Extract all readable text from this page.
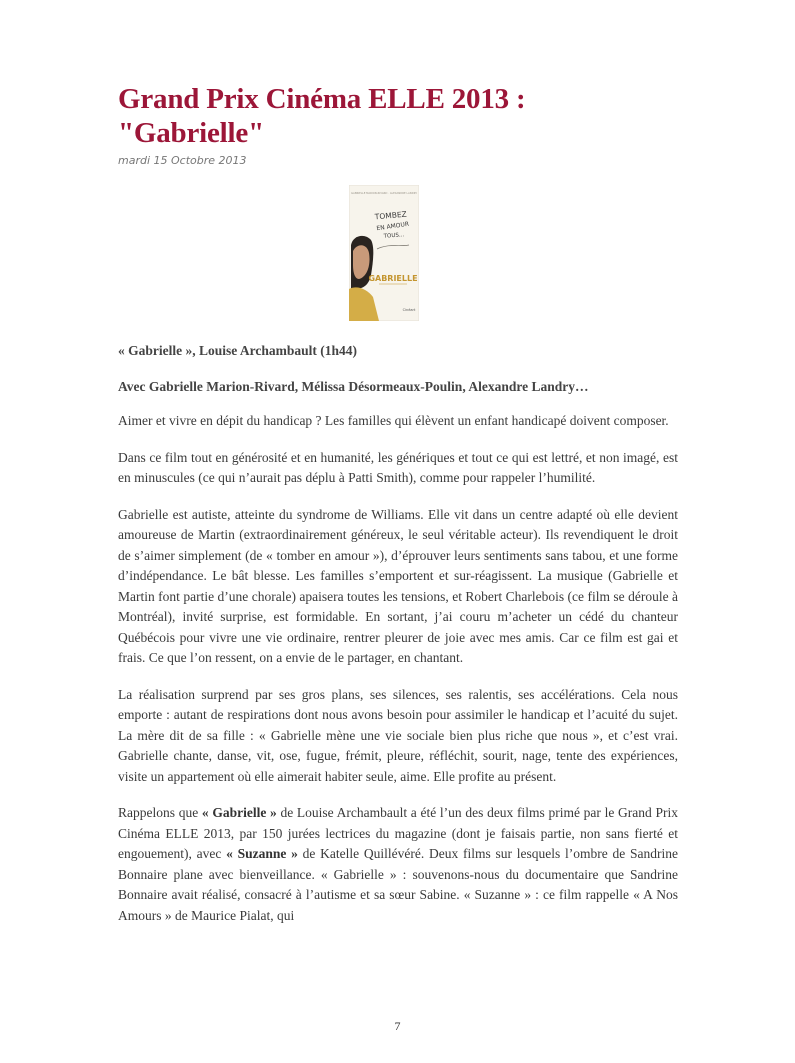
Grand Prix Cinéma ELLE 2013 :
"Gabrielle"
mardi 15 Octobre 2013
GABRIELLE MARION-RIVARD · ALEXANDRE LANDRY
TOMBEZ
EN AMOUR
TOUS...
GABRIELLE
Cinéart
« Gabrielle », Louise Archambault (1h44)
Avec Gabrielle Marion-Rivard, Mélissa Désormeaux-Poulin, Alexandre Landry…

Aimer et vivre en dépit du handicap ? Les familles qui élèvent un enfant handicapé doivent composer.

Dans ce film tout en générosité et en humanité, les génériques et tout ce qui est lettré, et non imagé, est en minuscules (ce qui n’aurait pas déplu à Patti Smith), comme pour rappeler l’humilité.

Gabrielle est autiste, atteinte du syndrome de Williams. Elle vit dans un centre adapté où elle devient amoureuse de Martin (extraordinairement généreux, le seul véritable acteur). Ils revendiquent le droit de s’aimer simplement (de « tomber en amour »), d’éprouver leurs sentiments sans tabou, et une forme d’indépendance. Le bât blesse. Les familles s’emportent et sur-réagissent. La musique (Gabrielle et Martin font partie d’une chorale) apaisera toutes les tensions, et Robert Charlebois (ce film se déroule à Montréal), invité surprise, est formidable. En sortant, j’ai couru m’acheter un cédé du chanteur Québécois pour vivre une vie ordinaire, rentrer pleurer de joie avec mes amis. Car ce film est gai et frais. Ce que l’on ressent, on a envie de le partager, en chantant.

La réalisation surprend par ses gros plans, ses silences, ses ralentis, ses accélérations. Cela nous emporte : autant de respirations dont nous avons besoin pour assimiler le handicap et l’acuité du sujet. La mère dit de sa fille : « Gabrielle mène une vie sociale bien plus riche que nous », et c’est vrai. Gabrielle chante, danse, vit, ose, fugue, frémit, pleure, réfléchit, sourit, nage, tente des expériences, visite un appartement où elle aimerait habiter seule, aime. Elle profite au présent.

Rappelons que « Gabrielle » de Louise Archambault a été l’un des deux films primé par le Grand Prix Cinéma ELLE 2013, par 150 jurées lectrices du magazine (dont je faisais partie, non sans fierté et engouement), avec « Suzanne » de Katelle Quillévéré. Deux films sur lesquels l’ombre de Sandrine Bonnaire plane avec bienveillance. « Gabrielle » : souvenons-nous du documentaire que Sandrine Bonnaire avait réalisé, consacré à l’autisme et sa sœur Sabine. « Suzanne » : ce film rappelle « A Nos Amours » de Maurice Pialat, qui

7
